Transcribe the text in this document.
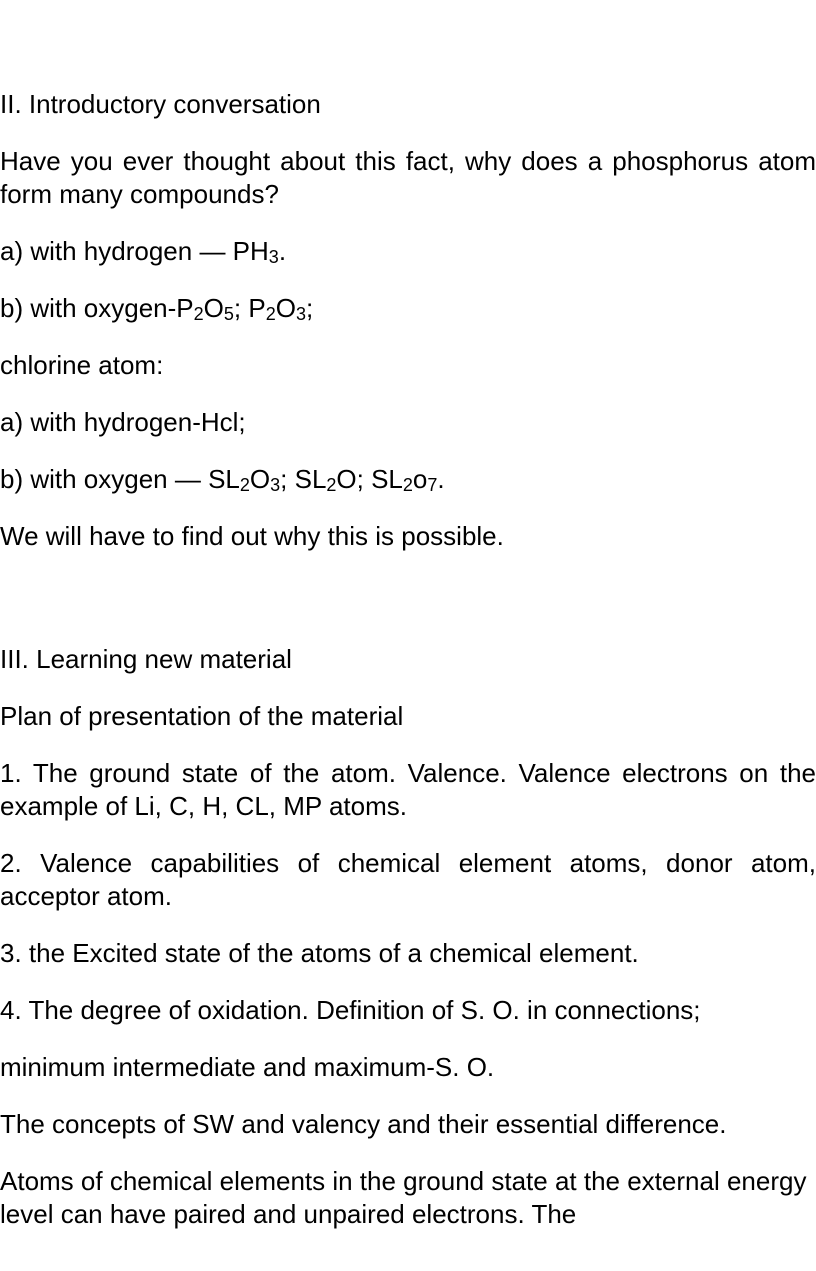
II. Introductory conversation

Have you ever thought about this fact, why does a phosphorus atom form many compounds?

a) with hydrogen — $PH_3$.

b) with oxygen-$P_2O_5$; $P_2O_3$;

chlorine atom:

a) with hydrogen-Hcl;

b) with oxygen — $SL_2O_3$; $SL_2O$; $SL_2o_7$.

We will have to find out why this is possible.

III. Learning new material

Plan of presentation of the material

1. The ground state of the atom. Valence. Valence electrons on the example of Li, C, H, CL, MP atoms.

2. Valence capabilities of chemical element atoms, donor atom, acceptor atom.

3. the Excited state of the atoms of a chemical element.

4. The degree of oxidation. Definition of S. O. in connections;

minimum intermediate and maximum-S. O.

The concepts of SW and valency and their essential difference.

Atoms of chemical elements in the ground state at the external energy level can have paired and unpaired electrons. The
